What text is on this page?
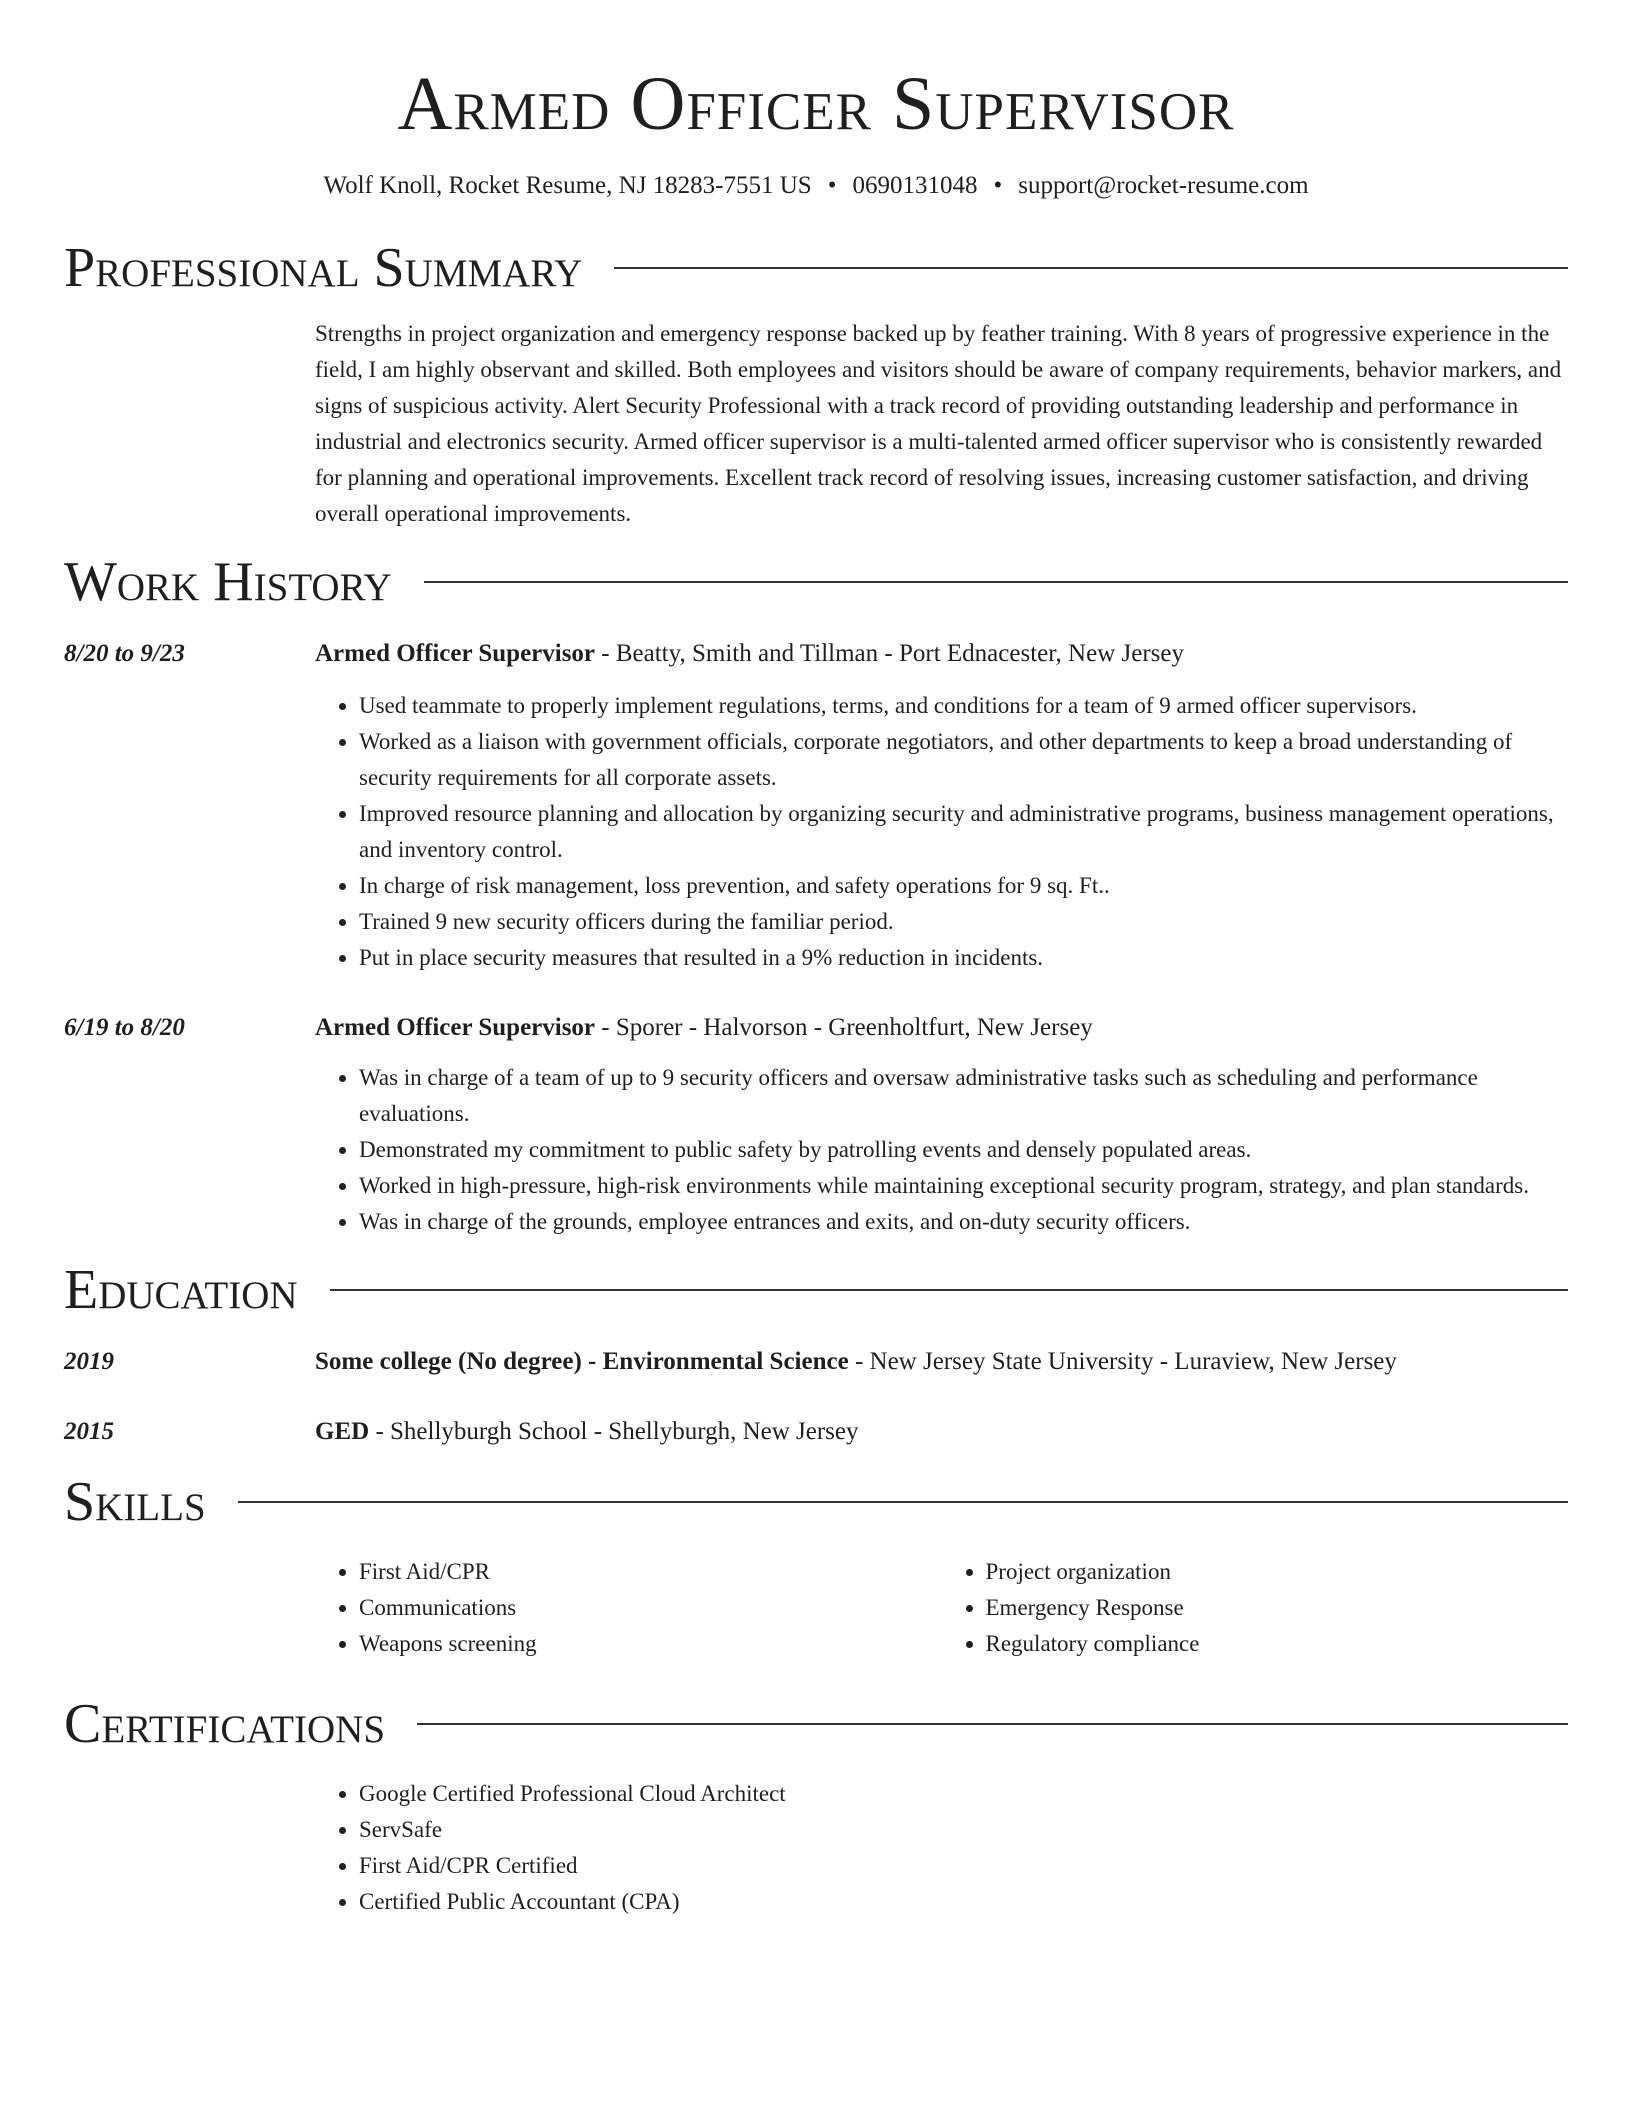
Armed Officer Supervisor
Wolf Knoll, Rocket Resume, NJ 18283-7551 US • 0690131048 • support@rocket-resume.com
Professional Summary

Strengths in project organization and emergency response backed up by feather training. With 8 years of progressive experience in the field, I am highly observant and skilled. Both employees and visitors should be aware of company requirements, behavior markers, and signs of suspicious activity. Alert Security Professional with a track record of providing outstanding leadership and performance in industrial and electronics security. Armed officer supervisor is a multi-talented armed officer supervisor who is consistently rewarded for planning and operational improvements. Excellent track record of resolving issues, increasing customer satisfaction, and driving overall operational improvements.

Work History
8/20 to 9/23	Armed Officer Supervisor - Beatty, Smith and Tillman - Port Ednacester, New Jersey
• Used teammate to properly implement regulations, terms, and conditions for a team of 9 armed officer supervisors.
• Worked as a liaison with government officials, corporate negotiators, and other departments to keep a broad understanding of security requirements for all corporate assets.
• Improved resource planning and allocation by organizing security and administrative programs, business management operations, and inventory control.
• In charge of risk management, loss prevention, and safety operations for 9 sq. Ft..
• Trained 9 new security officers during the familiar period.
• Put in place security measures that resulted in a 9% reduction in incidents.
6/19 to 8/20	Armed Officer Supervisor - Sporer - Halvorson - Greenholtfurt, New Jersey
• Was in charge of a team of up to 9 security officers and oversaw administrative tasks such as scheduling and performance evaluations.
• Demonstrated my commitment to public safety by patrolling events and densely populated areas.
• Worked in high-pressure, high-risk environments while maintaining exceptional security program, strategy, and plan standards.
• Was in charge of the grounds, employee entrances and exits, and on-duty security officers.
Education
2019	Some college (No degree) - Environmental Science - New Jersey State University - Luraview, New Jersey
2015	GED - Shellyburgh School - Shellyburgh, New Jersey
Skills
• First Aid/CPR
• Communications
• Weapons screening
• Project organization
• Emergency Response
• Regulatory compliance
Certifications
• Google Certified Professional Cloud Architect
• ServSafe
• First Aid/CPR Certified
• Certified Public Accountant (CPA)
